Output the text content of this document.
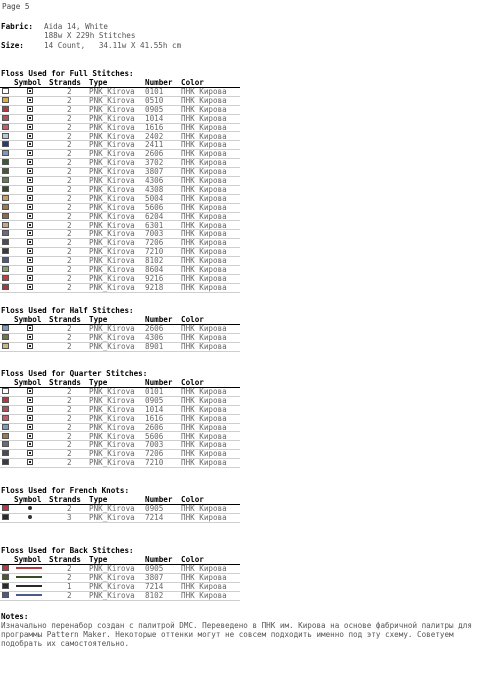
Page 5
Fabric: Aida 14, White
188w X 229h Stitches
Size:	14 Count,   34.11w X 41.55h cm
Floss Used for Full Stitches:
Symbol Strands Type	Number Color
2 PNK_Kirova 0101 ПНК Кирова
2 PNK_Kirova 0510 ПНК Кирова
2 PNK_Kirova 0905 ПНК Кирова
2 PNK_Kirova 1014 ПНК Кирова
2 PNK_Kirova 1616 ПНК Кирова
2 PNK_Kirova 2402 ПНК Кирова
2 PNK_Kirova 2411 ПНК Кирова
2 PNK_Kirova 2606 ПНК Кирова
2 PNK_Kirova 3702 ПНК Кирова
2 PNK_Kirova 3807 ПНК Кирова
2 PNK_Kirova 4306 ПНК Кирова
2 PNK_Kirova 4308 ПНК Кирова
2 PNK_Kirova 5004 ПНК Кирова
2 PNK_Kirova 5606 ПНК Кирова
2 PNK_Kirova 6204 ПНК Кирова
2 PNK_Kirova 6301 ПНК Кирова
2 PNK_Kirova 7003 ПНК Кирова
2 PNK_Kirova 7206 ПНК Кирова
2 PNK_Kirova 7210 ПНК Кирова
2 PNK_Kirova 8102 ПНК Кирова
2 PNK_Kirova 8604 ПНК Кирова
2 PNK_Kirova 9216 ПНК Кирова
2 PNK_Kirova 9218 ПНК Кирова
Floss Used for Half Stitches:
Symbol Strands Type	Number Color
2 PNK_Kirova 2606 ПНК Кирова
2 PNK_Kirova 4306 ПНК Кирова
2 PNK_Kirova 8901 ПНК Кирова
Floss Used for Quarter Stitches:
Symbol Strands Type	Number Color
2 PNK_Kirova 0101 ПНК Кирова
2 PNK_Kirova 0905 ПНК Кирова
2 PNK_Kirova 1014 ПНК Кирова
2 PNK_Kirova 1616 ПНК Кирова
2 PNK_Kirova 2606 ПНК Кирова
2 PNK_Kirova 5606 ПНК Кирова
2 PNK_Kirova 7003 ПНК Кирова
2 PNK_Kirova 7206 ПНК Кирова
2 PNK_Kirova 7210 ПНК Кирова
Floss Used for French Knots:
Symbol Strands Type	Number Color
2 PNK_Kirova 0905 ПНК Кирова
3 PNK_Kirova 7214 ПНК Кирова
Floss Used for Back Stitches:
Symbol Strands Type	Number Color
2 PNK_Kirova 0905 ПНК Кирова
2 PNK_Kirova 3807 ПНК Кирова
1 PNK_Kirova 7214 ПНК Кирова
2 PNK_Kirova 8102 ПНК Кирова
Notes:
Изначально перенабор создан с палитрой DMC. Переведено в ПНК им. Кирова на основе фабричной палитры для программы Pattern Maker. Некоторые оттенки могут не совсем подходить именно под эту схему. Советуем подобрать их самостоятельно.
